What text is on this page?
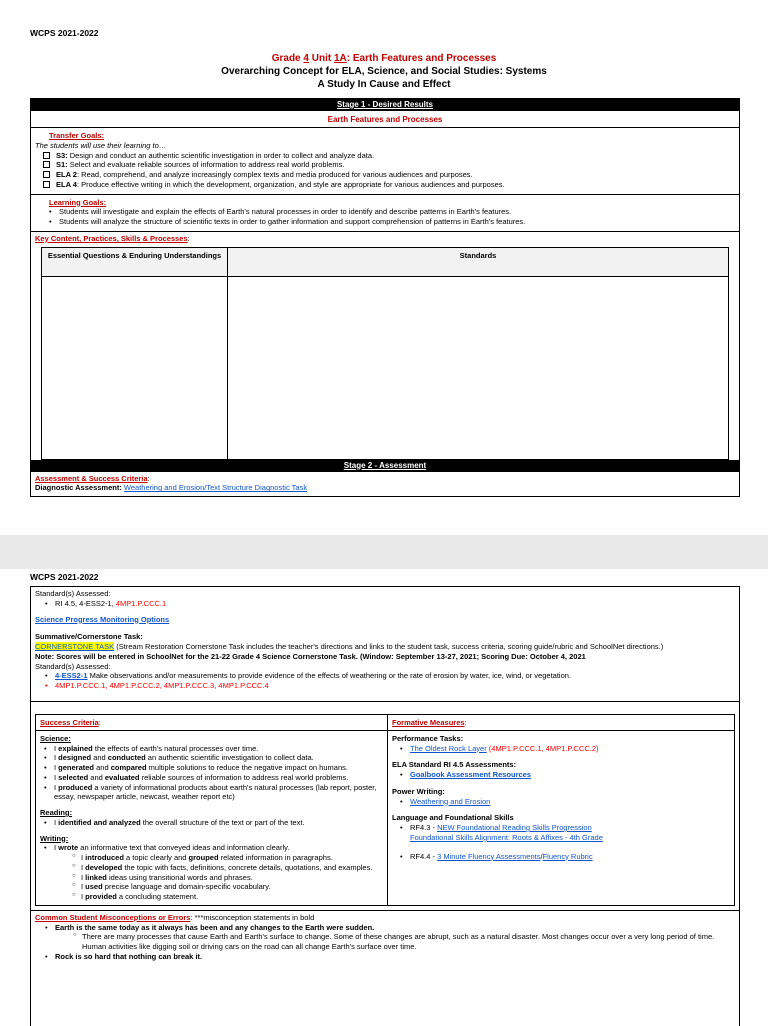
WCPS 2021-2022
Grade 4 Unit 1A: Earth Features and Processes
Overarching Concept for ELA, Science, and Social Studies: Systems
A Study In Cause and Effect
Stage 1 - Desired Results
Earth Features and Processes
Transfer Goals:
The students will use their learning to…
S3: Design and conduct an authentic scientific investigation in order to collect and analyze data.
S1: Select and evaluate reliable sources of information to address real world problems.
ELA 2: Read, comprehend, and analyze increasingly complex texts and media produced for various audiences and purposes.
ELA 4: Produce effective writing in which the development, organization, and style are appropriate for various audiences and purposes.
Learning Goals:
• Students will investigate and explain the effects of Earth's natural processes in order to identify and describe patterns in Earth's features.
• Students will analyze the structure of scientific texts in order to gather information and support comprehension of patterns in Earth's features.
Key Content, Practices, Skills & Processes:
Essential Questions & Enduring Understandings	Standards
Stage 2 - Assessment
Assessment & Success Criteria:
Diagnostic Assessment: Weathering and Erosion/Text Structure Diagnostic Task
WCPS 2021-2022
Standard(s) Assessed:
• RI 4.5, 4-ESS2-1, 4MP1.P.CCC.1
Science Progress Monitoring Options
Summative/Cornerstone Task:
CORNERSTONE TASK (Stream Restoration Cornerstone Task includes the teacher's directions and links to the student task, success criteria, scoring guide/rubric and SchoolNet directions.)
Note: Scores will be entered in SchoolNet for the 21-22 Grade 4 Science Cornerstone Task. (Window: September 13-27, 2021; Scoring Due: October 4, 2021
Standard(s) Assessed:
• 4-ESS2-1 Make observations and/or measurements to provide evidence of the effects of weathering or the rate of erosion by water, ice, wind, or vegetation.
• 4MP1.P.CCC.1, 4MP1.P.CCC.2, 4MP1.P.CCC.3, 4MP1.P.CCC.4
Success Criteria:
Science:
• I explained the effects of earth's natural processes over time.
• I designed and conducted an authentic scientific investigation to collect data.
• I generated and compared multiple solutions to reduce the negative impact on humans.
• I selected and evaluated reliable sources of information to address real world problems.
• I produced a variety of informational products about earth's natural processes (lab report, poster, essay, newspaper article, newcast, weather report etc)
Reading:
• I identified and analyzed the overall structure of the text or part of the text.
Writing:
• I wrote an informative text that conveyed ideas and information clearly.
○ I introduced a topic clearly and grouped related information in paragraphs.
○ I developed the topic with facts, definitions, concrete details, quotations, and examples.
○ I linked ideas using transitional words and phrases.
○ I used precise language and domain-specific vocabulary.
○ I provided a concluding statement.
Formative Measures:
Performance Tasks:
• The Oldest Rock Layer (4MP1.P.CCC.1, 4MP1.P.CCC.2)
ELA Standard RI 4.5 Assessments:
• Goalbook Assessment Resources
Power Writing:
• Weathering and Erosion
Language and Foundational Skills
• RF4.3 - NEW Foundational Reading Skills Progression
Foundational Skills Alignment: Roots & Affixes - 4th Grade
• RF4.4 - 3 Minute Fluency Assessments/Fluency Rubric
Common Student Misconceptions or Errors: ***misconception statements in bold
• Earth is the same today as it always has been and any changes to the Earth were sudden.
○ There are many processes that cause Earth and Earth's surface to change. Some of these changes are abrupt, such as a natural disaster. Most changes occur over a very long period of time. Human activities like digging soil or driving cars on the road can all change Earth's surface over time.
• Rock is so hard that nothing can break it.
